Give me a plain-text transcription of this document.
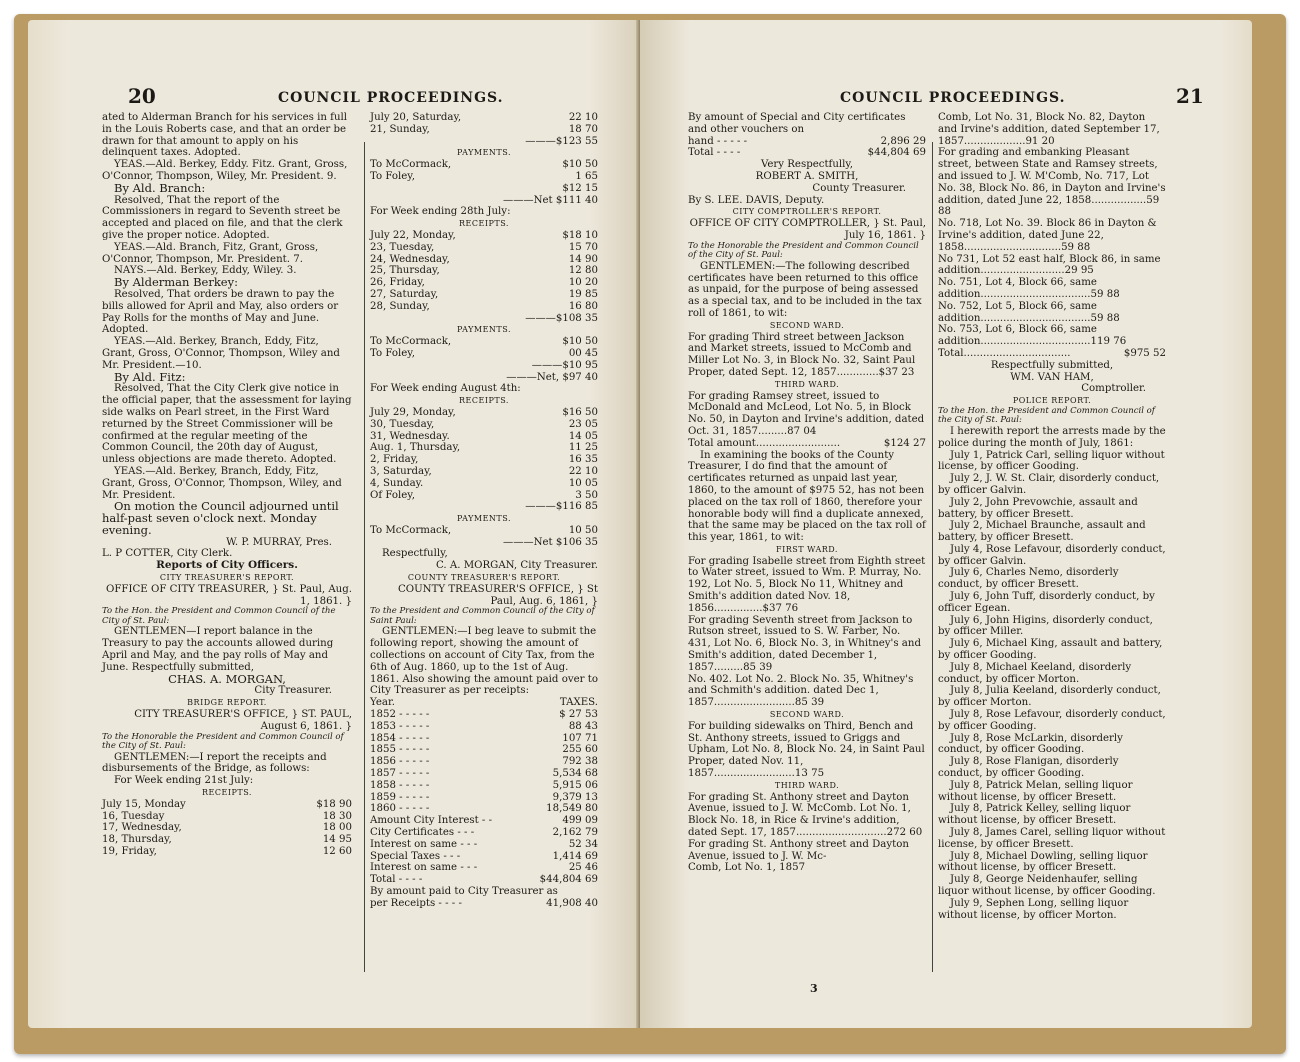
20	COUNCIL PROCEEDINGS.

ated to Alderman Branch for his services in full in the Louis Roberts case, and that an order be drawn for that amount to apply on his delinquent taxes. Adopted.

YEAS.—Ald. Berkey, Eddy. Fitz. Grant, Gross, O'Connor, Thompson, Wiley, Mr. President. 9.

By Ald. Branch:

Resolved, That the report of the Commissioners in regard to Seventh street be accepted and placed on file, and that the clerk give the proper notice. Adopted.

YEAS.—Ald. Branch, Fitz, Grant, Gross, O'Connor, Thompson, Mr. President. 7.

NAYS.—Ald. Berkey, Eddy, Wiley. 3.

By Alderman Berkey:

Resolved, That orders be drawn to pay the bills allowed for April and May, also orders or Pay Rolls for the months of May and June. Adopted.

YEAS.—Ald. Berkey, Branch, Eddy, Fitz, Grant, Gross, O'Connor, Thompson, Wiley and Mr. President.—10.

By Ald. Fitz:

Resolved, That the City Clerk give notice in the official paper, that the assessment for laying side walks on Pearl street, in the First Ward returned by the Street Commissioner will be confirmed at the regular meeting of the Common Council, the 20th day of August, unless objections are made thereto. Adopted.

YEAS.—Ald. Berkey, Branch, Eddy, Fitz, Grant, Gross, O'Connor, Thompson, Wiley, and Mr. President.

On motion the Council adjourned until half-past seven o'clock next. Monday evening.

W. P. MURRAY, Pres.

L. P COTTER, City Clerk.

Reports of City Officers.

CITY TREASURER'S REPORT.

OFFICE OF CITY TREASURER, } St. Paul, Aug. 1, 1861. }

To the Hon. the President and Common Council of the City of St. Paul:

GENTLEMEN—I report balance in the Treasury to pay the accounts allowed during April and May, and the pay rolls of May and June. Respectfully submitted,

CHAS. A. MORGAN,

City Treasurer.

BRIDGE REPORT.

CITY TREASURER'S OFFICE, } ST. PAUL, August 6, 1861. }

To the Honorable the President and Common Council of the City of St. Paul:

GENTLEMEN:—I report the receipts and disbursements of the Bridge, as follows:

For Week ending 21st July:

RECEIPTS.

July 15, Monday	$18 90
16, Tuesday	18 30
17, Wednesday,	18 00
18, Thursday,	14 95
19, Friday,	12 60
July 20, Saturday,	22 10
21, Sunday,	18 70
———$123 55

PAYMENTS.

To McCormack,	$10 50
To Foley,	1 65
$12 15
———Net $111 40

For Week ending 28th July:

RECEIPTS.

July 22, Monday,	$18 10
23, Tuesday,	15 70
24, Wednesday,	14 90
25, Thursday,	12 80
26, Friday,	10 20
27, Saturday,	19 85
28, Sunday,	16 80
———$108 35

PAYMENTS.

To McCormack,	$10 50
To Foley,	00 45
———$10 95
———Net, $97 40

For Week ending August 4th:

RECEIPTS.

July 29, Monday,	$16 50
30, Tuesday,	23 05
31, Wednesday.	14 05
Aug. 1, Thursday,	11 25
2, Friday,	16 35
3, Saturday,	22 10
4, Sunday.	10 05
Of Foley,	3 50
———$116 85

PAYMENTS.

To McCormack,	10 50
———Net $106 35

Respectfully,

C. A. MORGAN, City Treasurer.

COUNTY TREASURER'S REPORT.

COUNTY TREASURER'S OFFICE, } St Paul, Aug. 6, 1861, }

To the President and Common Council of the City of Saint Paul:

GENTLEMEN:—I beg leave to submit the following report, showing the amount of collections on account of City Tax, from the 6th of Aug. 1860, up to the 1st of Aug. 1861. Also showing the amount paid over to City Treasurer as per receipts:

Year.	TAXES.
1852 - - - - -	$ 27 53
1853 - - - - -	88 43
1854 - - - - -	107 71
1855 - - - - -	255 60
1856 - - - - -	792 38
1857 - - - - -	5,534 68
1858 - - - - -	5,915 06
1859 - - - - -	9,379 13
1860 - - - - -	18,549 80
Amount City Interest - -	499 09
City Certificates - - -	2,162 79
Interest on same - - -	52 34
Special Taxes - - -	1,414 69
Interest on same - - -	25 46
Total - - - -	$44,804 69

By amount paid to City Treasurer as

per Receipts - - - -	41,908 40
COUNCIL PROCEEDINGS.	21

By amount of Special and City certificates and other vouchers on

hand - - - - -	2,896 29
Total - - - -	$44,804 69

Very Respectfully,

ROBERT A. SMITH,

County Treasurer.

By S. LEE. DAVIS, Deputy.

CITY COMPTROLLER'S REPORT.

OFFICE OF CITY COMPTROLLER, } St. Paul, July 16, 1861. }

To the Honorable the President and Common Council of the City of St. Paul:

GENTLEMEN:—The following described certificates have been returned to this office as unpaid, for the purpose of being assessed as a special tax, and to be included in the tax roll of 1861, to wit:

SECOND WARD.

For grading Third street between Jackson and Market streets, issued to McComb and Miller Lot No. 3, in Block No. 32, Saint Paul Proper, dated Sept. 12, 1857.............$37 23

THIRD WARD.

For grading Ramsey street, issued to McDonald and McLeod, Lot No. 5, in Block No. 50, in Dayton and Irvine's addition, dated Oct. 31, 1857.........87 04

Total amount..........................	$124 27

In examining the books of the County Treasurer, I do find that the amount of certificates returned as unpaid last year, 1860, to the amount of $975 52, has not been placed on the tax roll of 1860, therefore your honorable body will find a duplicate annexed, that the same may be placed on the tax roll of this year, 1861, to wit:

FIRST WARD.

For grading Isabelle street from Eighth street to Water street, issued to Wm. P. Murray, No. 192, Lot No. 5, Block No 11, Whitney and Smith's addition dated Nov. 18, 1856...............$37 76

For grading Seventh street from Jackson to Rutson street, issued to S. W. Farber, No. 431, Lot No. 6, Block No. 3, in Whitney's and Smith's addition, dated December 1, 1857.........85 39

No. 402. Lot No. 2. Block No. 35, Whitney's and Schmith's addition. dated Dec 1, 1857.........................85 39

SECOND WARD.

For building sidewalks on Third, Bench and St. Anthony streets, issued to Griggs and Upham, Lot No. 8, Block No. 24, in Saint Paul Proper, dated Nov. 11, 1857.........................13 75

THIRD WARD.

For grading St. Anthony street and Dayton Avenue, issued to J. W. McComb. Lot No. 1, Block No. 18, in Rice & Irvine's addition, dated Sept. 17, 1857............................272 60

For grading St. Anthony street and Dayton Avenue, issued to J. W. Mc-

Comb, Lot No. 1, 1857

Comb, Lot No. 31, Block No. 82, Dayton and Irvine's addition, dated September 17, 1857...................91 20

For grading and embanking Pleasant street, between State and Ramsey streets, and issued to J. W. M'Comb, No. 717, Lot No. 38, Block No. 86, in Dayton and Irvine's addition, dated June 22, 1858.................59 88

No. 718, Lot No. 39. Block 86 in Dayton & Irvine's addition, dated June 22, 1858..............................59 88

No 731, Lot 52 east half, Block 86, in same addition..........................29 95

No. 751, Lot 4, Block 66, same addition..................................59 88

No. 752, Lot 5, Block 66, same addition..................................59 88

No. 753, Lot 6, Block 66, same addition..................................119 76

Total.................................	$975 52

Respectfully submitted,

WM. VAN HAM,

Comptroller.

POLICE REPORT.

To the Hon. the President and Common Council of the City of St. Paul:

I herewith report the arrests made by the police during the month of July, 1861:

July 1, Patrick Carl, selling liquor without license, by officer Gooding.

July 2, J. W. St. Clair, disorderly conduct, by officer Galvin.

July 2, John Prevowchie, assault and battery, by officer Bresett.

July 2, Michael Braunche, assault and battery, by officer Bresett.

July 4, Rose Lefavour, disorderly conduct, by officer Galvin.

July 6, Charles Nemo, disorderly conduct, by officer Bresett.

July 6, John Tuff, disorderly conduct, by officer Egean.

July 6, John Higins, disorderly conduct, by officer Miller.

July 6, Michael King, assault and battery, by officer Gooding.

July 8, Michael Keeland, disorderly conduct, by officer Morton.

July 8, Julia Keeland, disorderly conduct, by officer Morton.

July 8, Rose Lefavour, disorderly conduct, by officer Gooding.

July 8, Rose McLarkin, disorderly conduct, by officer Gooding.

July 8, Rose Flanigan, disorderly conduct, by officer Gooding.

July 8, Patrick Melan, selling liquor without license, by officer Bresett.

July 8, Patrick Kelley, selling liquor without license, by officer Bresett.

July 8, James Carel, selling liquor without license, by officer Bresett.

July 8, Michael Dowling, selling liquor without license, by officer Bresett.

July 8, George Neidenhaufer, selling liquor without license, by officer Gooding.

July 9, Sephen Long, selling liquor without license, by officer Morton.

3
